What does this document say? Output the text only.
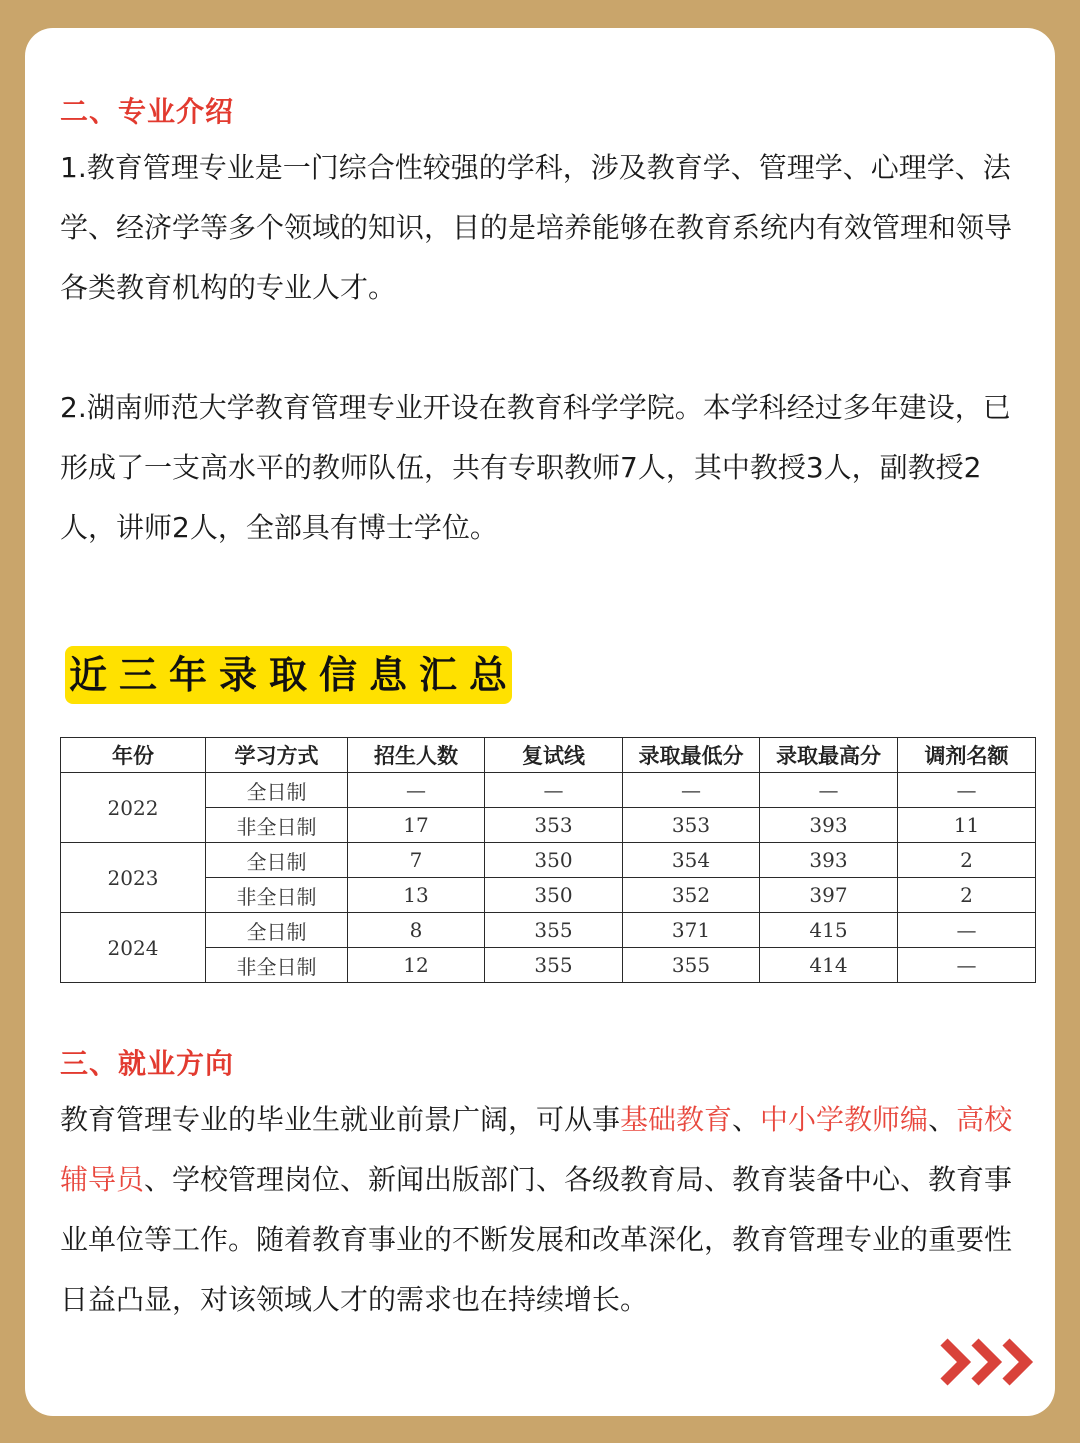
二、专业介绍

1.教育管理专业是一门综合性较强的学科，涉及教育学、管理学、心理学、法学、经济学等多个领域的知识，目的是培养能够在教育系统内有效管理和领导各类教育机构的专业人才。

2.湖南师范大学教育管理专业开设在教育科学学院。本学科经过多年建设，已形成了一支高水平的教师队伍，共有专职教师7人，其中教授3人，副教授2人，讲师2人，全部具有博士学位。

近三年录取信息汇总
年份	学习方式	招生人数	复试线	录取最低分	录取最高分	调剂名额
2022	全日制	—	—	—	—	—
	非全日制	17	353	353	393	11
2023	全日制	7	350	354	393	2
	非全日制	13	350	352	397	2
2024	全日制	8	355	371	415	—
	非全日制	12	355	355	414	—
三、就业方向

教育管理专业的毕业生就业前景广阔，可从事基础教育、中小学教师编、高校辅导员、学校管理岗位、新闻出版部门、各级教育局、教育装备中心、教育事业单位等工作。随着教育事业的不断发展和改革深化，教育管理专业的重要性日益凸显，对该领域人才的需求也在持续增长。
